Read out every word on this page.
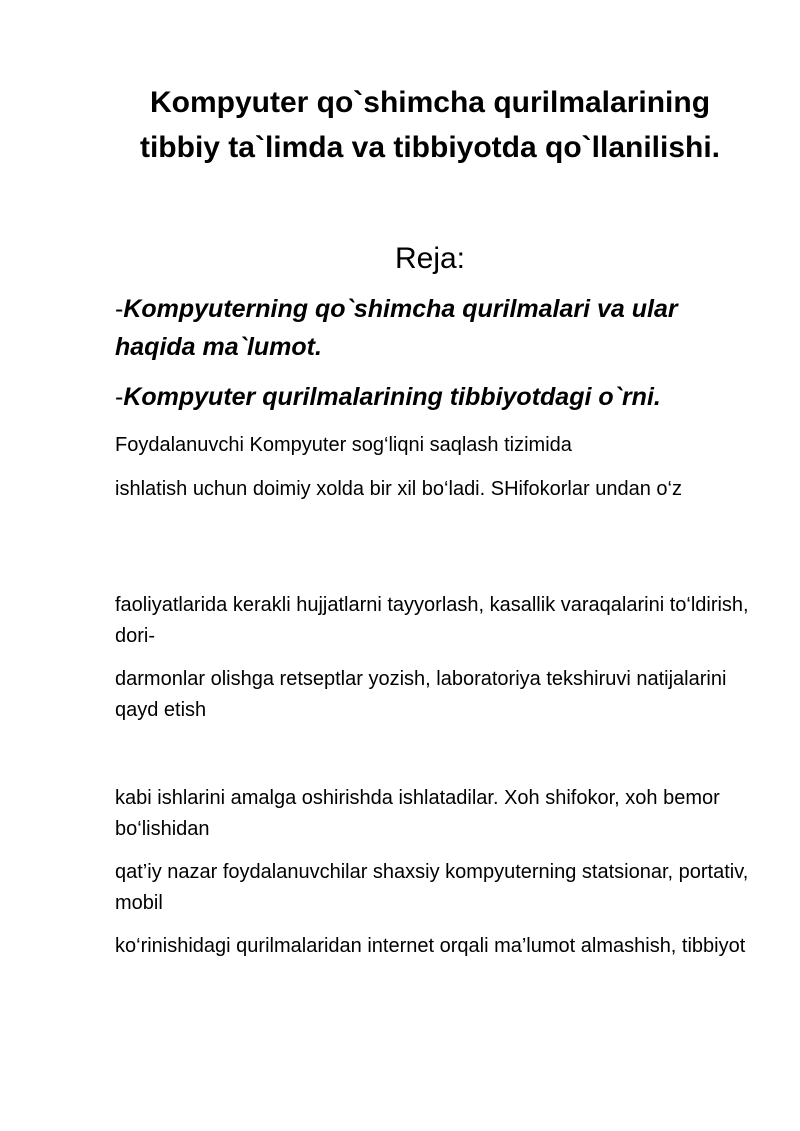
Kompyuter qo`shimcha qurilmalarining
tibbiy ta`limda va tibbiyotda qo`llanilishi.
Reja:
-Kompyuterning qo`shimcha qurilmalari va ular haqida ma`lumot.
-Kompyuter qurilmalarining tibbiyotdagi o`rni.
Foydalanuvchi Kompyuter sog‘liqni saqlash tizimida
ishlatish uchun doimiy xolda bir xil bo‘ladi. SHifokorlar undan o‘z
faoliyatlarida kerakli hujjatlarni tayyorlash, kasallik varaqalarini to‘ldirish, dori-
darmonlar olishga retseptlar yozish, laboratoriya tekshiruvi natijalarini qayd etish
kabi ishlarini amalga oshirishda ishlatadilar. Xoh shifokor, xoh bemor bo‘lishidan
qat’iy nazar foydalanuvchilar shaxsiy kompyuterning statsionar, portativ, mobil
ko‘rinishidagi qurilmalaridan internet orqali ma’lumot almashish, tibbiyot
